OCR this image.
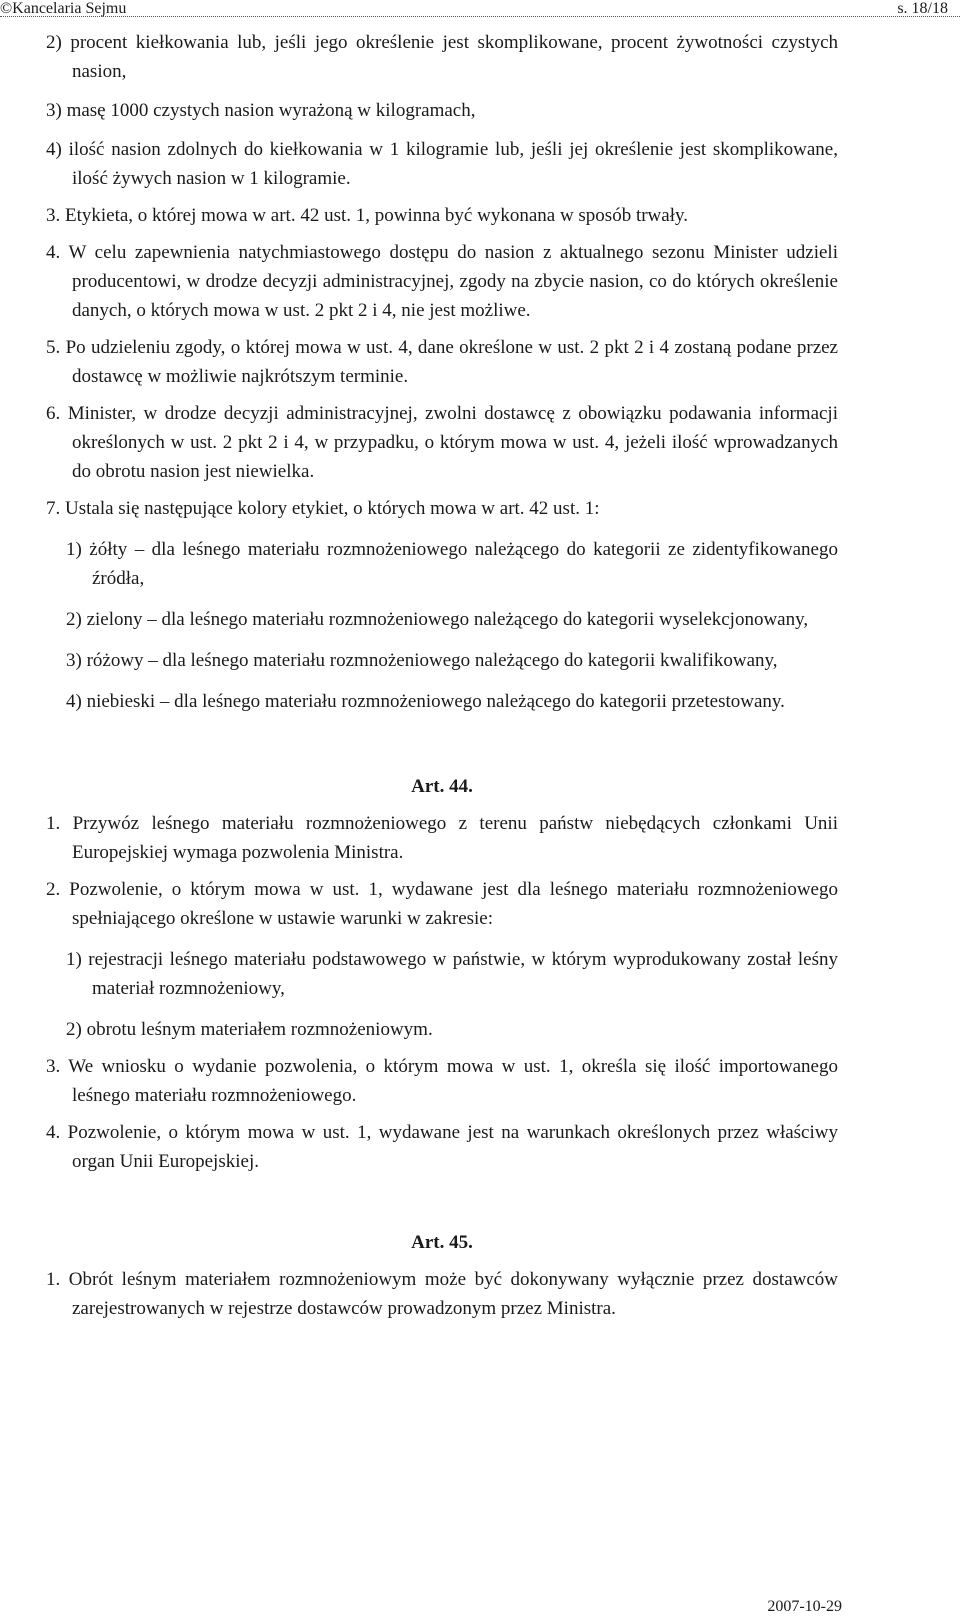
©Kancelaria Sejmu	s. 18/18

2) procent kiełkowania lub, jeśli jego określenie jest skomplikowane, procent żywotności czystych nasion,

3) masę 1000 czystych nasion wyrażoną w kilogramach,

4) ilość nasion zdolnych do kiełkowania w 1 kilogramie lub, jeśli jej określenie jest skomplikowane, ilość żywych nasion w 1 kilogramie.

3. Etykieta, o której mowa w art. 42 ust. 1, powinna być wykonana w sposób trwały.

4. W celu zapewnienia natychmiastowego dostępu do nasion z aktualnego sezonu Minister udzieli producentowi, w drodze decyzji administracyjnej, zgody na zbycie nasion, co do których określenie danych, o których mowa w ust. 2 pkt 2 i 4, nie jest możliwe.

5. Po udzieleniu zgody, o której mowa w ust. 4, dane określone w ust. 2 pkt 2 i 4 zostaną podane przez dostawcę w możliwie najkrótszym terminie.

6. Minister, w drodze decyzji administracyjnej, zwolni dostawcę z obowiązku podawania informacji określonych w ust. 2 pkt 2 i 4, w przypadku, o którym mowa w ust. 4, jeżeli ilość wprowadzanych do obrotu nasion jest niewielka.

7. Ustala się następujące kolory etykiet, o których mowa w art. 42 ust. 1:

1) żółty – dla leśnego materiału rozmnożeniowego należącego do kategorii ze zidentyfikowanego źródła,

2) zielony – dla leśnego materiału rozmnożeniowego należącego do kategorii wyselekcjonowany,

3) różowy – dla leśnego materiału rozmnożeniowego należącego do kategorii kwalifikowany,

4) niebieski – dla leśnego materiału rozmnożeniowego należącego do kategorii przetestowany.

Art. 44.

1. Przywóz leśnego materiału rozmnożeniowego z terenu państw niebędących członkami Unii Europejskiej wymaga pozwolenia Ministra.

2. Pozwolenie, o którym mowa w ust. 1, wydawane jest dla leśnego materiału rozmnożeniowego spełniającego określone w ustawie warunki w zakresie:

1) rejestracji leśnego materiału podstawowego w państwie, w którym wyprodukowany został leśny materiał rozmnożeniowy,

2) obrotu leśnym materiałem rozmnożeniowym.

3. We wniosku o wydanie pozwolenia, o którym mowa w ust. 1, określa się ilość importowanego leśnego materiału rozmnożeniowego.

4. Pozwolenie, o którym mowa w ust. 1, wydawane jest na warunkach określonych przez właściwy organ Unii Europejskiej.

Art. 45.

1. Obrót leśnym materiałem rozmnożeniowym może być dokonywany wyłącznie przez dostawców zarejestrowanych w rejestrze dostawców prowadzonym przez Ministra.

2007-10-29
